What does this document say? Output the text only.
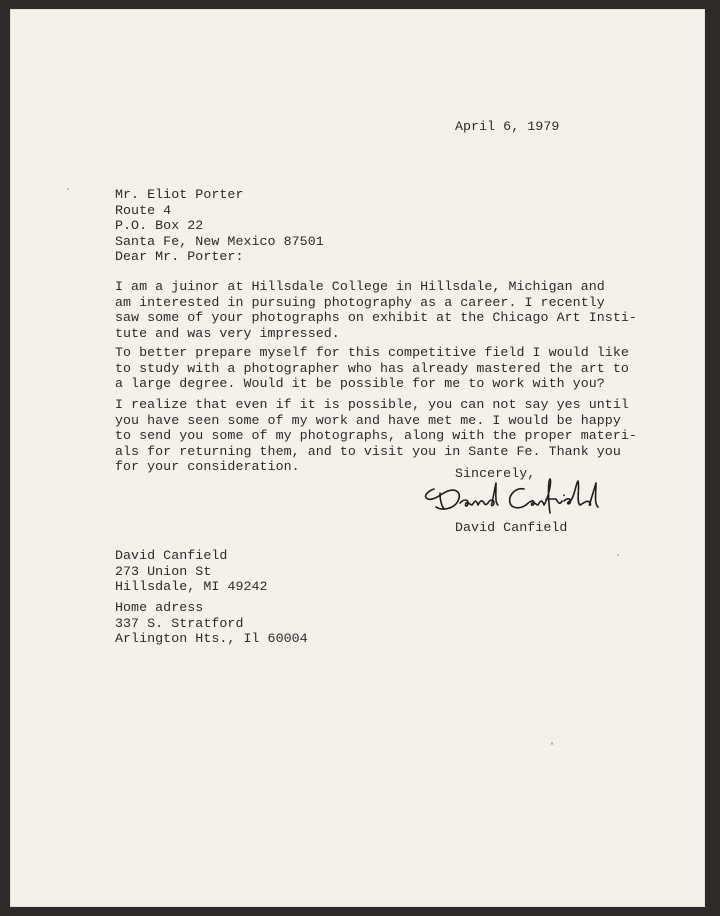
April 6, 1979

Mr. Eliot Porter
Route 4
P.O. Box 22
Santa Fe, New Mexico 87501

Dear Mr. Porter:

I am a juinor at Hillsdale College in Hillsdale, Michigan and
am interested in pursuing photography as a career. I recently
saw some of your photographs on exhibit at the Chicago Art Insti-
tute and was very impressed.
To better prepare myself for this competitive field I would like
to study with a photographer who has already mastered the art to
a large degree. Would it be possible for me to work with you?
I realize that even if it is possible, you can not say yes until
you have seen some of my work and have met me. I would be happy
to send you some of my photographs, along with the proper materi-
als for returning them, and to visit you in Sante Fe. Thank you
for your consideration.	Sincerely,

David Canfield

David Canfield
273 Union St
Hillsdale, MI 49242
Home adress
337 S. Stratford
Arlington Hts., Il 60004
